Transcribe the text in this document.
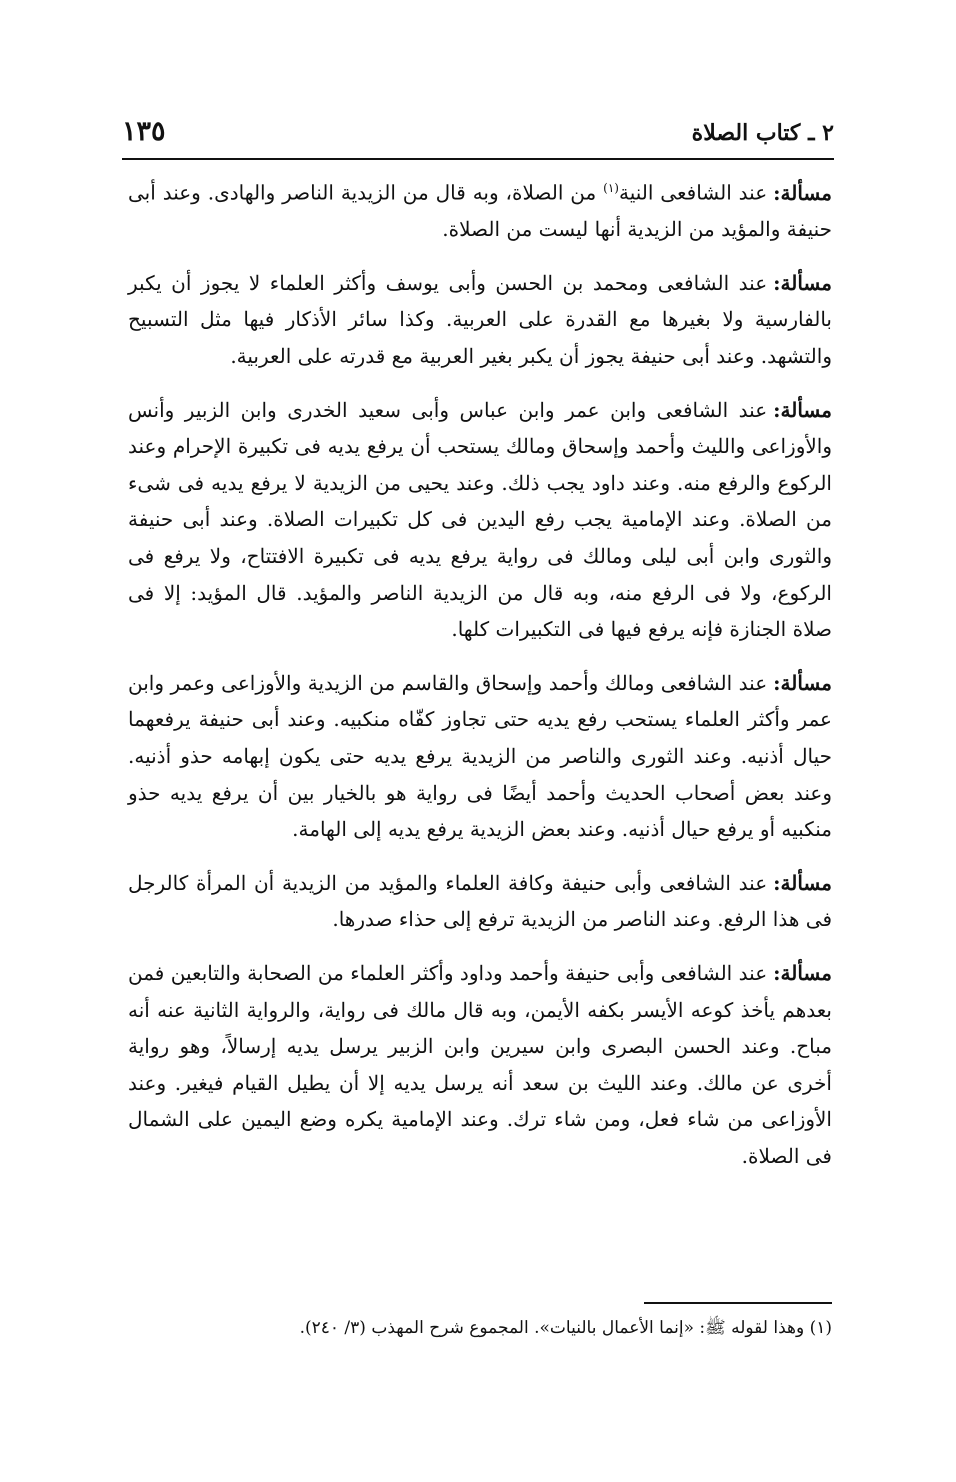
٢ ـ كتاب الصلاة
١٣٥

مسألة:عند الشافعى النية$^{(١)}$ من الصلاة، وبه قال من الزيدية الناصر والهادى. وعند أبى حنيفة والمؤيد من الزيدية أنها ليست من الصلاة.

مسألة:عند الشافعى ومحمد بن الحسن وأبى يوسف وأكثر العلماء لا يجوز أن يكبر بالفارسية ولا بغيرها مع القدرة على العربية. وكذا سائر الأذكار فيها مثل التسبيح والتشهد. وعند أبى حنيفة يجوز أن يكبر بغير العربية مع قدرته على العربية.

مسألة:عند الشافعى وابن عمر وابن عباس وأبى سعيد الخدرى وابن الزبير وأنس والأوزاعى والليث وأحمد وإسحاق ومالك يستحب أن يرفع يديه فى تكبيرة الإحرام وعند الركوع والرفع منه. وعند داود يجب ذلك. وعند يحيى من الزيدية لا يرفع يديه فى شىء من الصلاة. وعند الإمامية يجب رفع اليدين فى كل تكبيرات الصلاة. وعند أبى حنيفة والثورى وابن أبى ليلى ومالك فى رواية يرفع يديه فى تكبيرة الافتتاح، ولا يرفع فى الركوع، ولا فى الرفع منه، وبه قال من الزيدية الناصر والمؤيد. قال المؤيد: إلا فى صلاة الجنازة فإنه يرفع فيها فى التكبيرات كلها.

مسألة:عند الشافعى ومالك وأحمد وإسحاق والقاسم من الزيدية والأوزاعى وعمر وابن عمر وأكثر العلماء يستحب رفع يديه حتى تجاوز كفّاه منكبيه. وعند أبى حنيفة يرفعهما حيال أذنيه. وعند الثورى والناصر من الزيدية يرفع يديه حتى يكون إبهامه حذو أذنيه. وعند بعض أصحاب الحديث وأحمد أيضًا فى رواية هو بالخيار بين أن يرفع يديه حذو منكبيه أو يرفع حيال أذنيه. وعند بعض الزيدية يرفع يديه إلى الهامة.

مسألة:عند الشافعى وأبى حنيفة وكافة العلماء والمؤيد من الزيدية أن المرأة كالرجل فى هذا الرفع. وعند الناصر من الزيدية ترفع إلى حذاء صدرها.

مسألة:عند الشافعى وأبى حنيفة وأحمد وداود وأكثر العلماء من الصحابة والتابعين فمن بعدهم يأخذ كوعه الأيسر بكفه الأيمن، وبه قال مالك فى رواية، والرواية الثانية عنه أنه مباح. وعند الحسن البصرى وابن سيرين وابن الزبير يرسل يديه إرسالاً، وهو رواية أخرى عن مالك. وعند الليث بن سعد أنه يرسل يديه إلا أن يطيل القيام فيغير. وعند الأوزاعى من شاء فعل، ومن شاء ترك. وعند الإمامية يكره وضع اليمين على الشمال فى الصلاة.

(١) وهذا لقوله ﷺ: «إنما الأعمال بالنيات». المجموع شرح المهذب (٣/ ٢٤٠).
